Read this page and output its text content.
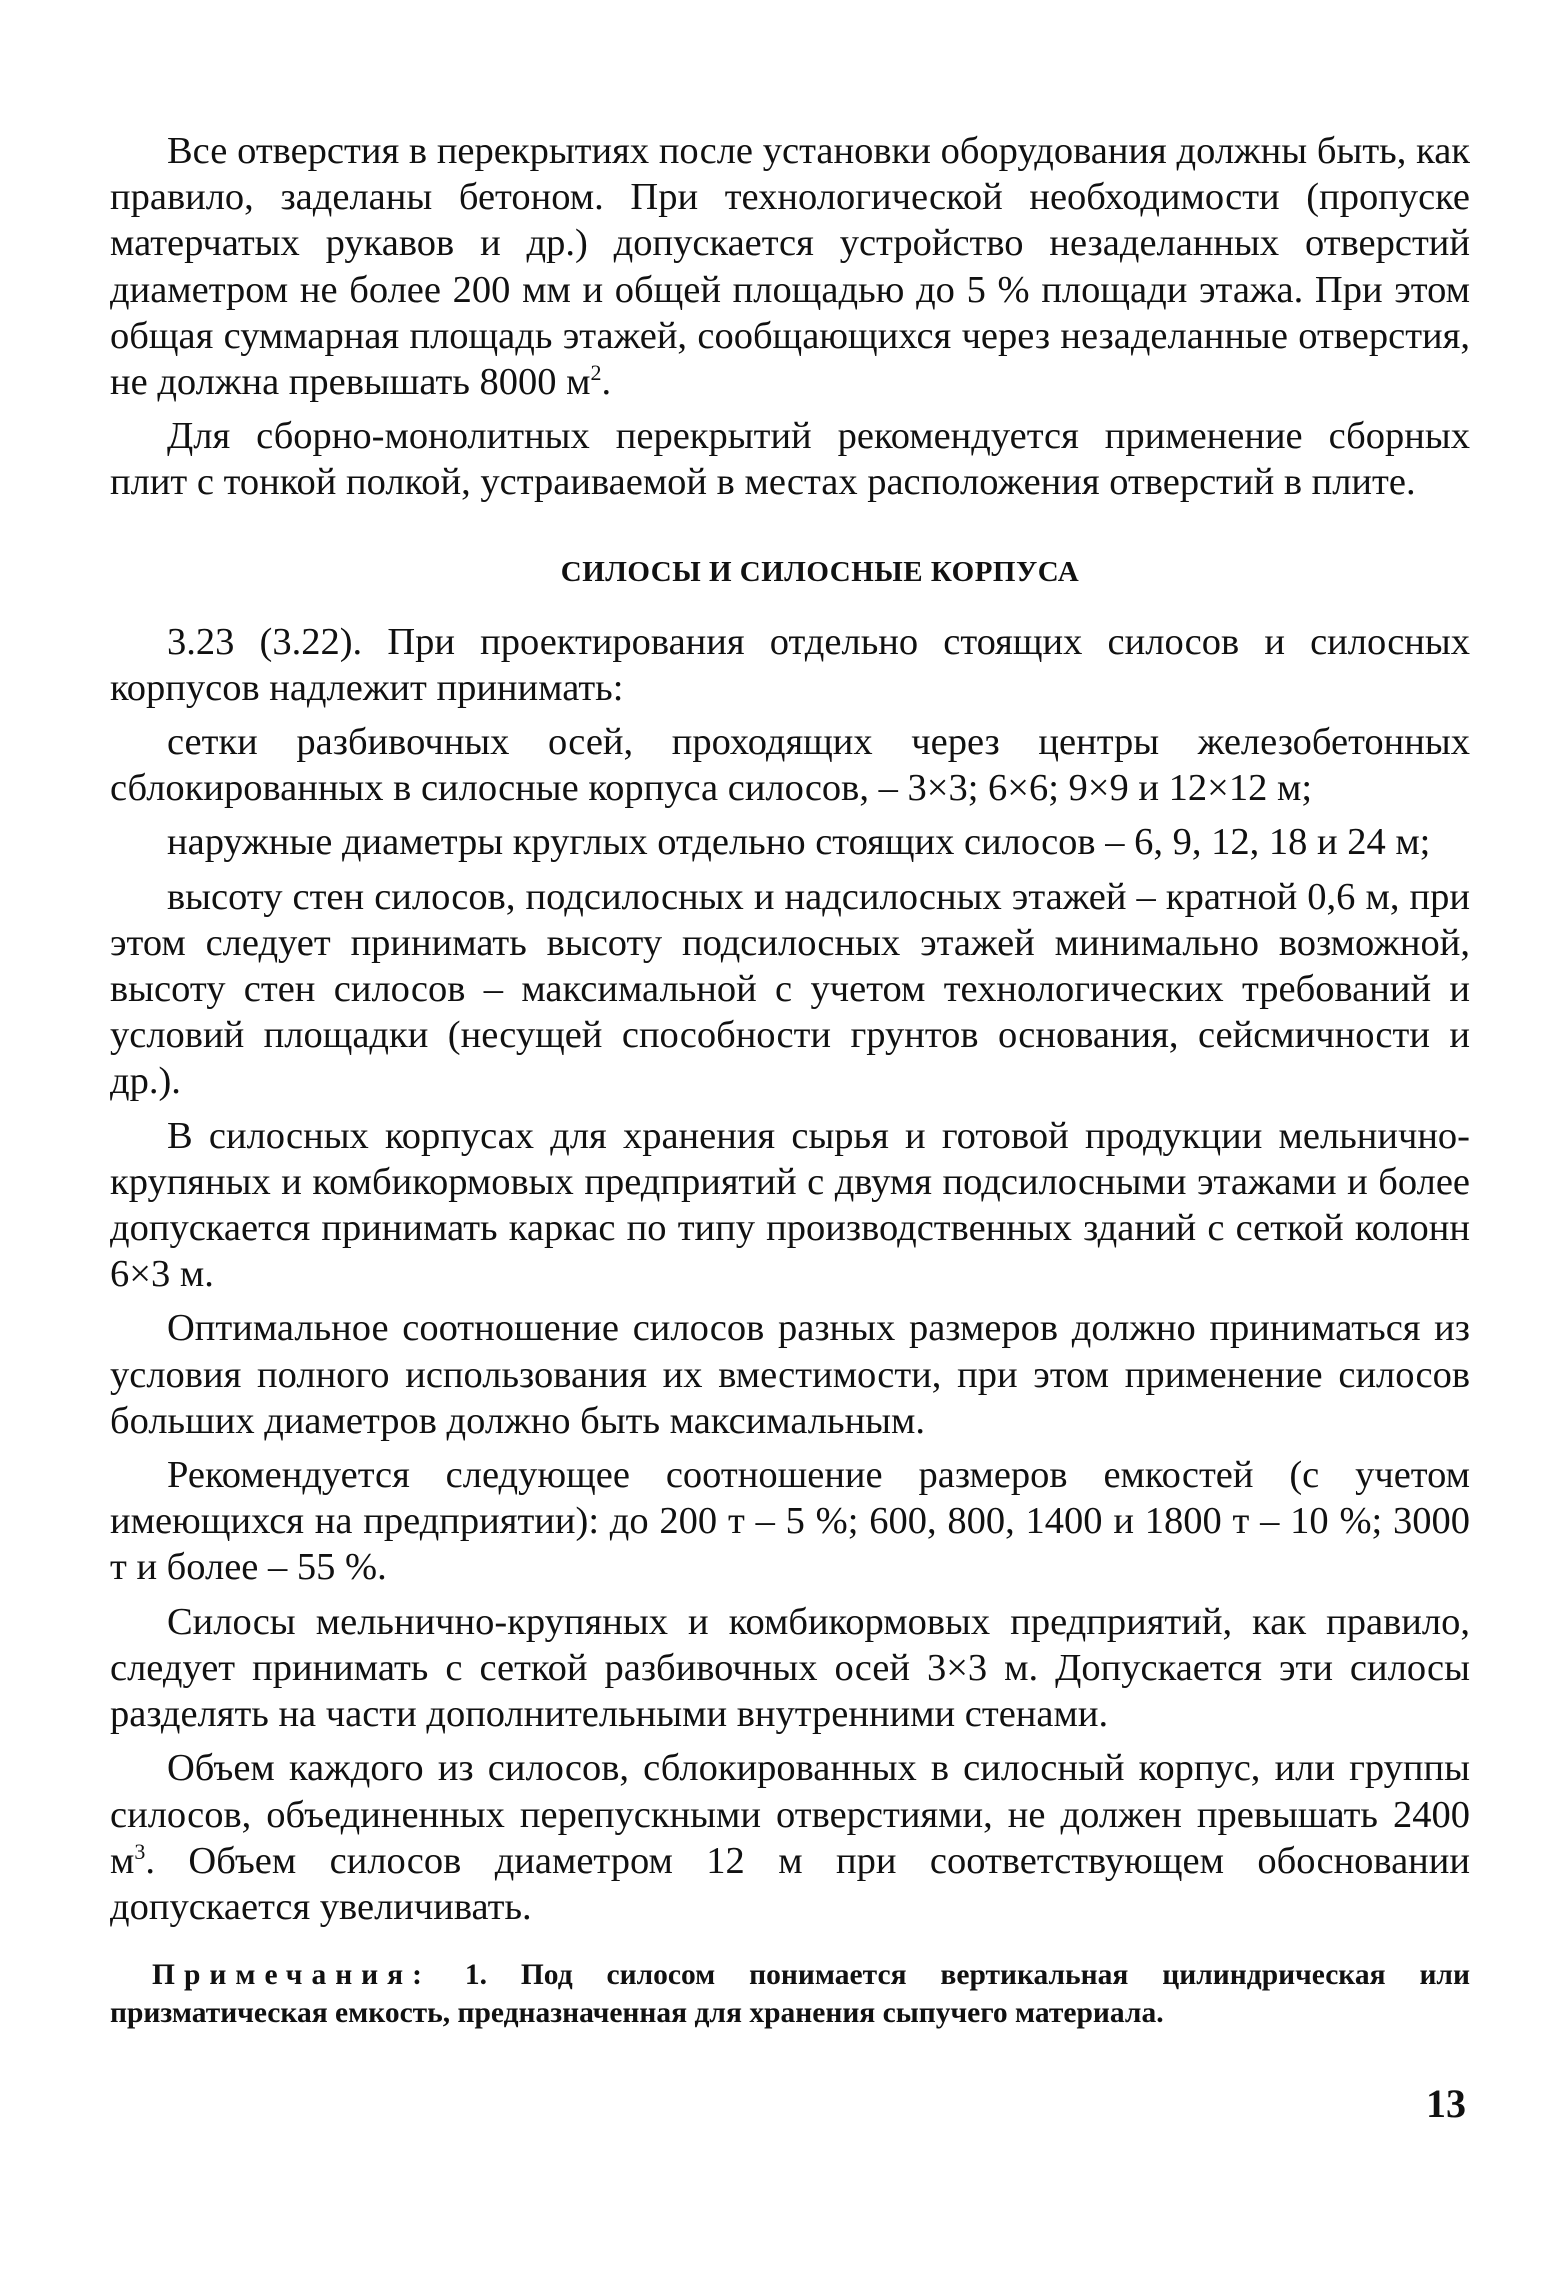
Все отверстия в перекрытиях после установки оборудования должны быть, как правило, заделаны бетоном. При технологической необходимости (пропуске матерчатых рукавов и др.) допускается устройство незаделанных отверстий диаметром не более 200 мм и общей площадью до 5 % площади этажа. При этом общая суммарная площадь этажей, сообщающихся через незаделанные отверстия, не должна превышать 8000 $м^2$.

Для сборно-монолитных перекрытий рекомендуется применение сборных плит с тонкой полкой, устраиваемой в местах расположения отверстий в плите.

СИЛОСЫ И СИЛОСНЫЕ КОРПУСА

3.23 (3.22). При проектирования отдельно стоящих силосов и силосных корпусов надлежит принимать:

сетки разбивочных осей, проходящих через центры железобетонных сблокированных в силосные корпуса силосов, – 3×3; 6×6; 9×9 и 12×12 м;

наружные диаметры круглых отдельно стоящих силосов – 6, 9, 12, 18 и 24 м;

высоту стен силосов, подсилосных и надсилосных этажей – кратной 0,6 м, при этом следует принимать высоту подсилосных этажей минимально возможной, высоту стен силосов – максимальной с учетом технологических требований и условий площадки (несущей способности грунтов основания, сейсмичности и др.).

В силосных корпусах для хранения сырья и готовой продукции мельнично-крупяных и комбикормовых предприятий с двумя подсилосными этажами и более допускается принимать каркас по типу производственных зданий с сеткой колонн 6×3 м.

Оптимальное соотношение силосов разных размеров должно приниматься из условия полного использования их вместимости, при этом применение силосов больших диаметров должно быть максимальным.

Рекомендуется следующее соотношение размеров емкостей (с учетом имеющихся на предприятии): до 200 т – 5 %; 600, 800, 1400 и 1800 т – 10 %; 3000 т и более – 55 %.

Силосы мельнично-крупяных и комбикормовых предприятий, как правило, следует принимать с сеткой разбивочных осей 3×3 м. Допускается эти силосы разделять на части дополнительными внутренними стенами.

Объем каждого из силосов, сблокированных в силосный корпус, или группы силосов, объединенных перепускными отверстиями, не должен превышать 2400 $м^3$. Объем силосов диаметром 12 м при соответствующем обосновании допускается увеличивать.

Примечания: 1. Под силосом понимается вертикальная цилиндрическая или призматическая емкость, предназначенная для хранения сыпучего материала.

13
